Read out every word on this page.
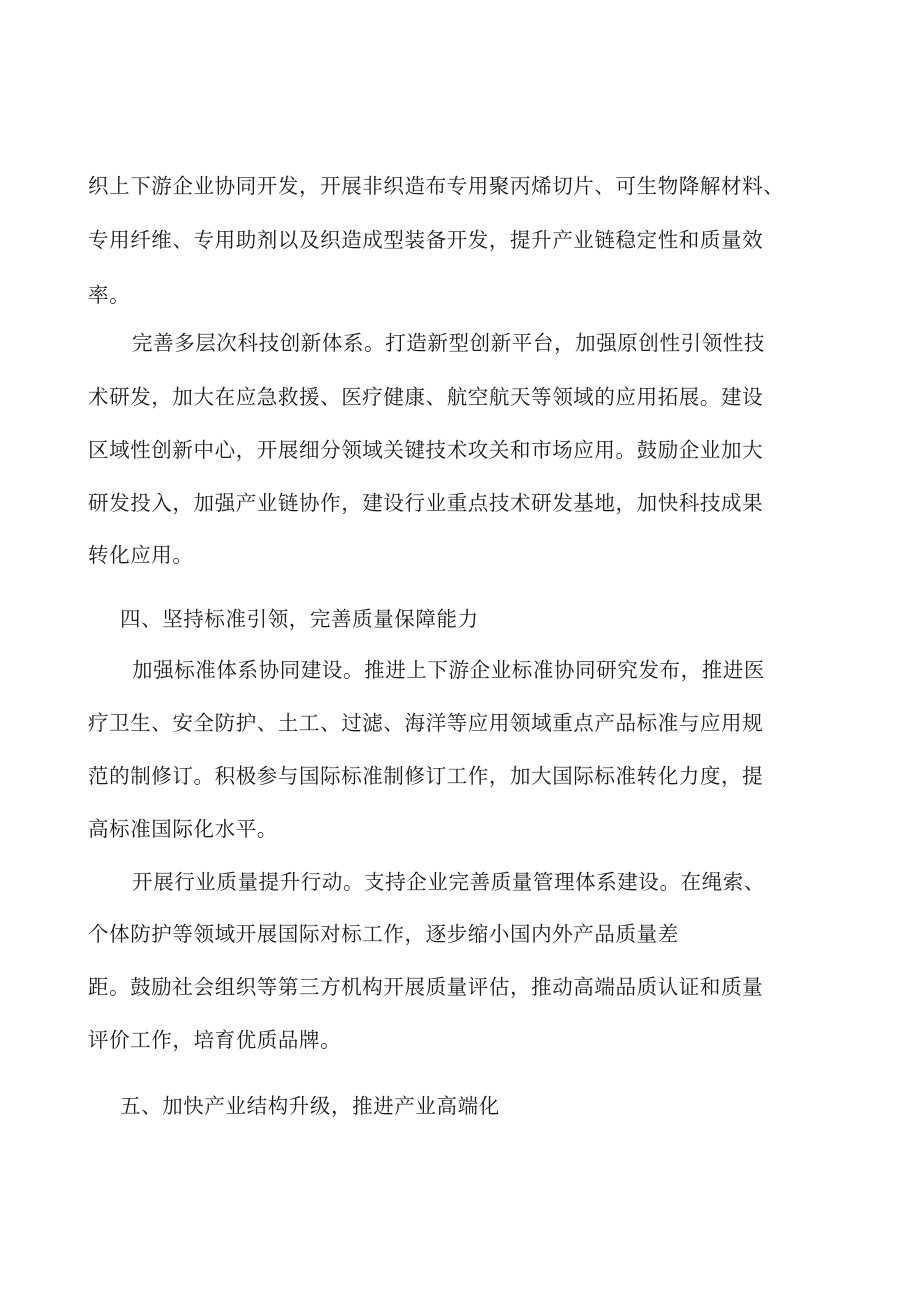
织上下游企业协同开发，开展非织造布专用聚丙烯切片、可生物降解材料、
专用纤维、专用助剂以及织造成型装备开发，提升产业链稳定性和质量效
率。
完善多层次科技创新体系。打造新型创新平台，加强原创性引领性技
术研发，加大在应急救援、医疗健康、航空航天等领域的应用拓展。建设
区域性创新中心，开展细分领域关键技术攻关和市场应用。鼓励企业加大
研发投入，加强产业链协作，建设行业重点技术研发基地，加快科技成果
转化应用。
四、坚持标准引领，完善质量保障能力
加强标准体系协同建设。推进上下游企业标准协同研究发布，推进医
疗卫生、安全防护、土工、过滤、海洋等应用领域重点产品标准与应用规
范的制修订。积极参与国际标准制修订工作，加大国际标准转化力度，提
高标准国际化水平。
开展行业质量提升行动。支持企业完善质量管理体系建设。在绳索、
个体防护等领域开展国际对标工作，逐步缩小国内外产品质量差
距。鼓励社会组织等第三方机构开展质量评估，推动高端品质认证和质量
评价工作，培育优质品牌。
五、加快产业结构升级，推进产业高端化
